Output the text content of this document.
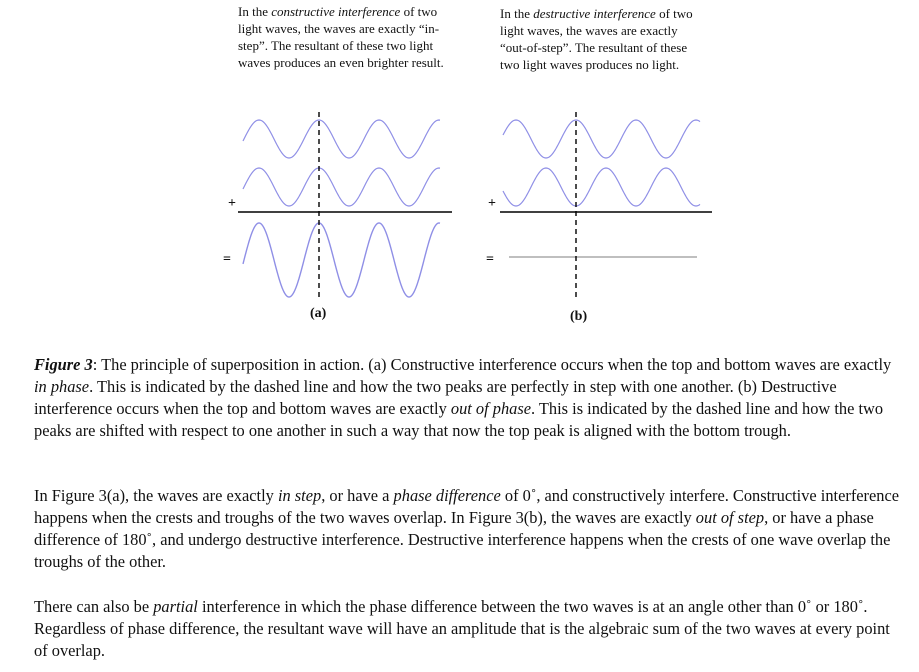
In the constructive interference of two light waves, the waves are exactly “in-step”. The resultant of these two light waves produces an even brighter result.
In the destructive interference of two light waves, the waves are exactly “out-of-step”. The resultant of these two light waves produces no light.
+
=
+
=
(a)	(b)

Figure 3: The principle of superposition in action. (a) Constructive interference occurs when the top and bottom waves are exactly in phase. This is indicated by the dashed line and how the two peaks are perfectly in step with one another. (b) Destructive interference occurs when the top and bottom waves are exactly out of phase. This is indicated by the dashed line and how the two peaks are shifted with respect to one another in such a way that now the top peak is aligned with the bottom trough.

In Figure 3(a), the waves are exactly in step, or have a phase difference of 0˚, and constructively interfere. Constructive interference happens when the crests and troughs of the two waves overlap. In Figure 3(b), the waves are exactly out of step, or have a phase difference of 180˚, and undergo destructive interference. Destructive interference happens when the crests of one wave overlap the troughs of the other.

There can also be partial interference in which the phase difference between the two waves is at an angle other than 0˚ or 180˚. Regardless of phase difference, the resultant wave will have an amplitude that is the algebraic sum of the two waves at every point of overlap.
